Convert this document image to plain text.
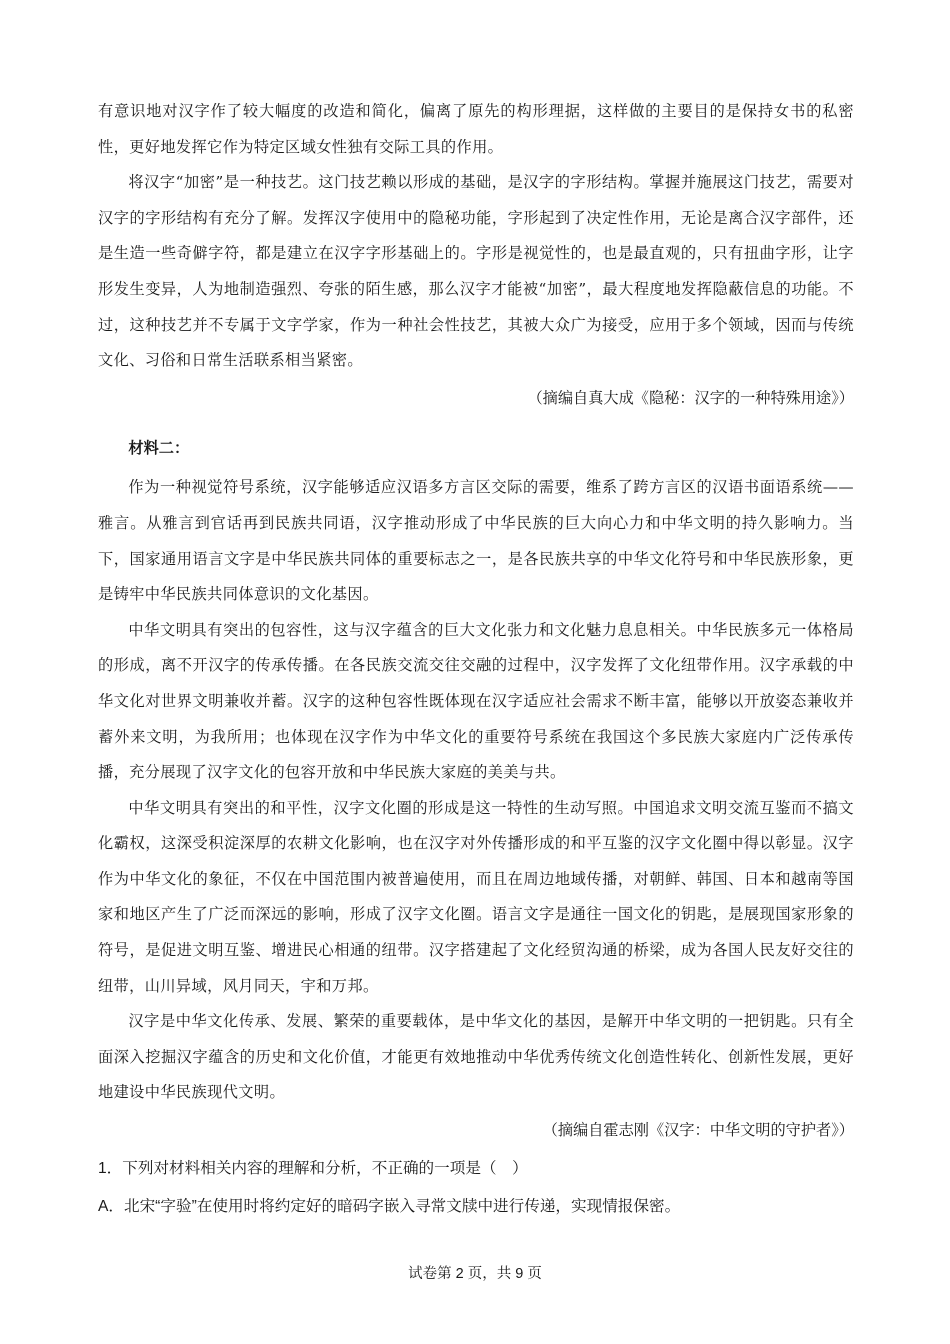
有意识地对汉字作了较大幅度的改造和简化，偏离了原先的构形理据，这样做的主要目的是保持女书的私密性，更好地发挥它作为特定区域女性独有交际工具的作用。

将汉字“加密”是一种技艺。这门技艺赖以形成的基础，是汉字的字形结构。掌握并施展这门技艺，需要对汉字的字形结构有充分了解。发挥汉字使用中的隐秘功能，字形起到了决定性作用，无论是离合汉字部件，还是生造一些奇僻字符，都是建立在汉字字形基础上的。字形是视觉性的，也是最直观的，只有扭曲字形，让字形发生变异，人为地制造强烈、夸张的陌生感，那么汉字才能被“加密”，最大程度地发挥隐蔽信息的功能。不过，这种技艺并不专属于文字学家，作为一种社会性技艺，其被大众广为接受，应用于多个领域，因而与传统文化、习俗和日常生活联系相当紧密。

（摘编自真大成《隐秘：汉字的一种特殊用途》）

材料二：

作为一种视觉符号系统，汉字能够适应汉语多方言区交际的需要，维系了跨方言区的汉语书面语系统——雅言。从雅言到官话再到民族共同语，汉字推动形成了中华民族的巨大向心力和中华文明的持久影响力。当下，国家通用语言文字是中华民族共同体的重要标志之一，是各民族共享的中华文化符号和中华民族形象，更是铸牢中华民族共同体意识的文化基因。

中华文明具有突出的包容性，这与汉字蕴含的巨大文化张力和文化魅力息息相关。中华民族多元一体格局的形成，离不开汉字的传承传播。在各民族交流交往交融的过程中，汉字发挥了文化纽带作用。汉字承载的中华文化对世界文明兼收并蓄。汉字的这种包容性既体现在汉字适应社会需求不断丰富，能够以开放姿态兼收并蓄外来文明，为我所用；也体现在汉字作为中华文化的重要符号系统在我国这个多民族大家庭内广泛传承传播，充分展现了汉字文化的包容开放和中华民族大家庭的美美与共。

中华文明具有突出的和平性，汉字文化圈的形成是这一特性的生动写照。中国追求文明交流互鉴而不搞文化霸权，这深受积淀深厚的农耕文化影响，也在汉字对外传播形成的和平互鉴的汉字文化圈中得以彰显。汉字作为中华文化的象征，不仅在中国范围内被普遍使用，而且在周边地域传播，对朝鲜、韩国、日本和越南等国家和地区产生了广泛而深远的影响，形成了汉字文化圈。语言文字是通往一国文化的钥匙，是展现国家形象的符号，是促进文明互鉴、增进民心相通的纽带。汉字搭建起了文化经贸沟通的桥梁，成为各国人民友好交往的纽带，山川异域，风月同天，宇和万邦。

汉字是中华文化传承、发展、繁荣的重要载体，是中华文化的基因，是解开中华文明的一把钥匙。只有全面深入挖掘汉字蕴含的历史和文化价值，才能更有效地推动中华优秀传统文化创造性转化、创新性发展，更好地建设中华民族现代文明。

（摘编自霍志刚《汉字：中华文明的守护者》）

1．下列对材料相关内容的理解和分析，不正确的一项是（　）

A．北宋“字验”在使用时将约定好的暗码字嵌入寻常文牍中进行传递，实现情报保密。

试卷第 2 页，共 9 页
